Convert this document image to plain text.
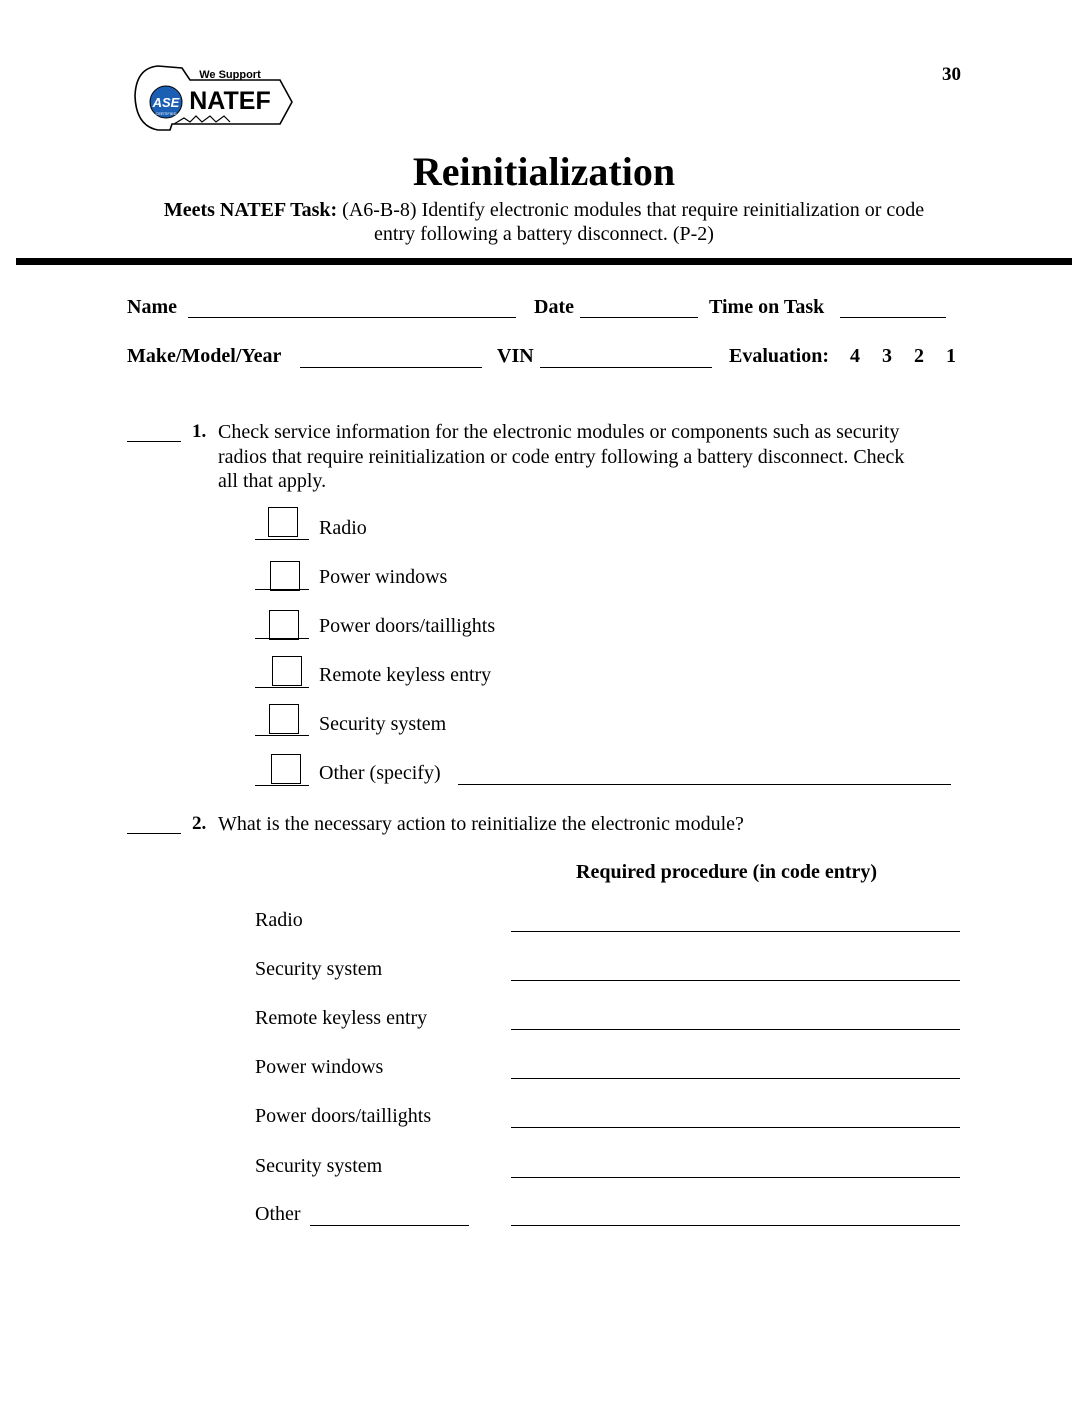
ASE
CERTIFIED
We Support
NATEF
30
Reinitialization
Meets NATEF Task: (A6-B-8) Identify electronic modules that require reinitialization or code
entry following a battery disconnect. (P-2)
Name	Date	Time on Task
Make/Model/Year	VIN	Evaluation: 4 3 2 1
1. Check service information for the electronic modules or components such as security
radios that require reinitialization or code entry following a battery disconnect. Check
all that apply.
Radio
Power windows
Power doors/taillights
Remote keyless entry
Security system
Other (specify)
2. What is the necessary action to reinitialize the electronic module?
Required procedure (in code entry)
Radio
Security system
Remote keyless entry
Power windows
Power doors/taillights
Security system
Other
